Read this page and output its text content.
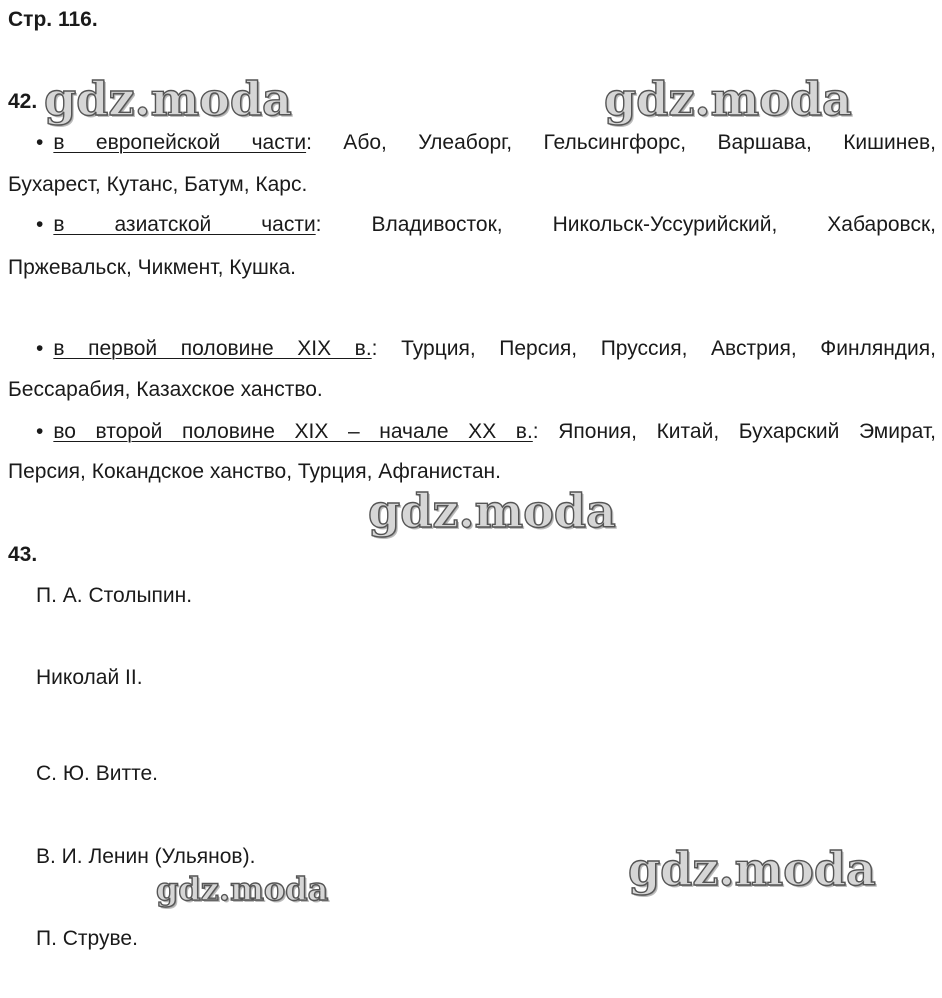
Стр. 116.
42.
• в европейской части: Або, Улеаборг, Гельсингфорс, Варшава, Кишинев,
Бухарест, Кутанс, Батум, Карс.
• в азиатской части: Владивосток, Никольск-Уссурийский, Хабаровск,
Пржевальск, Чикмент, Кушка.
• в первой половине XIX в.: Турция, Персия, Пруссия, Австрия, Финляндия,
Бессарабия, Казахское ханство.
• во второй половине XIX – начале XX в.: Япония, Китай, Бухарский Эмират,
Персия, Кокандское ханство, Турция, Афганистан.
43.
П. А. Столыпин.
Николай II.
С. Ю. Витте.
В. И. Ленин (Ульянов).
П. Струве.
gdz.moda	gdz.moda
gdz.moda
gdz.moda
gdz.moda
